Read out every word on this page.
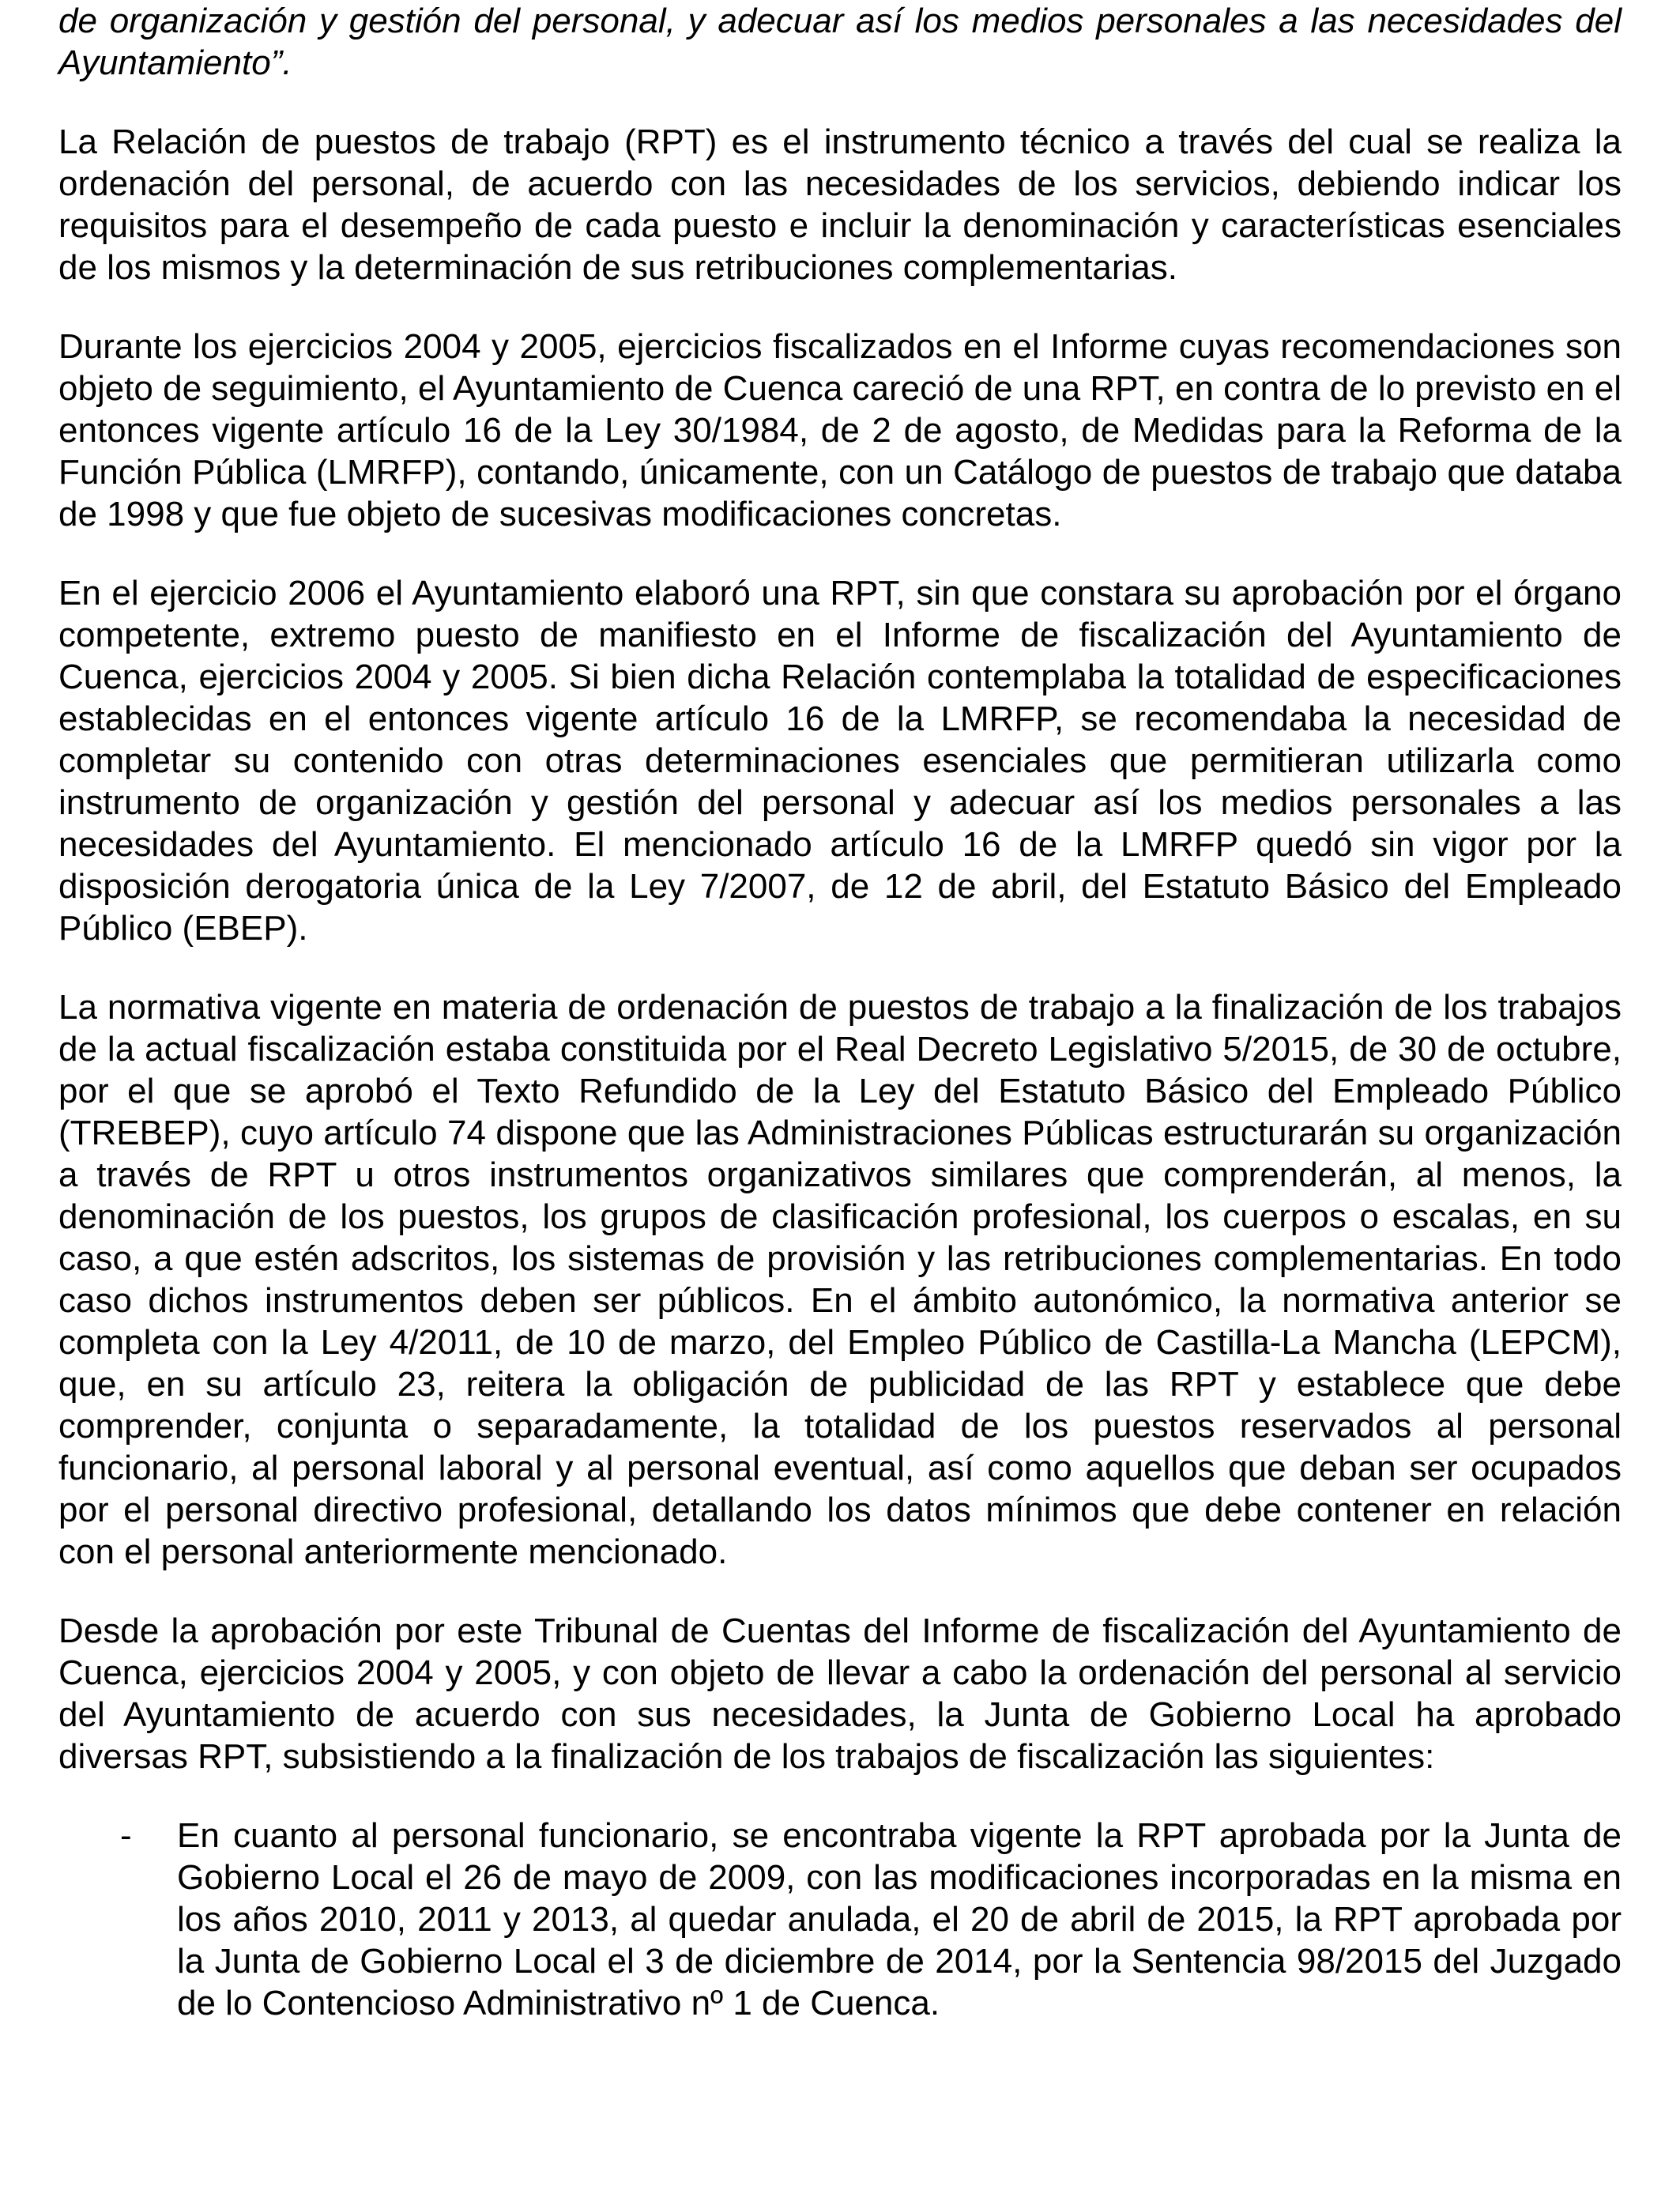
de organización y gestión del personal, y adecuar así los medios personales a las necesidades del Ayuntamiento”.

La Relación de puestos de trabajo (RPT) es el instrumento técnico a través del cual se realiza la ordenación del personal, de acuerdo con las necesidades de los servicios, debiendo indicar los requisitos para el desempeño de cada puesto e incluir la denominación y características esenciales de los mismos y la determinación de sus retribuciones complementarias.

Durante los ejercicios 2004 y 2005, ejercicios fiscalizados en el Informe cuyas recomendaciones son objeto de seguimiento, el Ayuntamiento de Cuenca careció de una RPT, en contra de lo previsto en el entonces vigente artículo 16 de la Ley 30/1984, de 2 de agosto, de Medidas para la Reforma de la Función Pública (LMRFP), contando, únicamente, con un Catálogo de puestos de trabajo que databa de 1998 y que fue objeto de sucesivas modificaciones concretas.

En el ejercicio 2006 el Ayuntamiento elaboró una RPT, sin que constara su aprobación por el órgano competente, extremo puesto de manifiesto en el Informe de fiscalización del Ayuntamiento de Cuenca, ejercicios 2004 y 2005. Si bien dicha Relación contemplaba la totalidad de especificaciones establecidas en el entonces vigente artículo 16 de la LMRFP, se recomendaba la necesidad de completar su contenido con otras determinaciones esenciales que permitieran utilizarla como instrumento de organización y gestión del personal y adecuar así los medios personales a las necesidades del Ayuntamiento. El mencionado artículo 16 de la LMRFP quedó sin vigor por la disposición derogatoria única de la Ley 7/2007, de 12 de abril, del Estatuto Básico del Empleado Público (EBEP).

La normativa vigente en materia de ordenación de puestos de trabajo a la finalización de los trabajos de la actual fiscalización estaba constituida por el Real Decreto Legislativo 5/2015, de 30 de octubre, por el que se aprobó el Texto Refundido de la Ley del Estatuto Básico del Empleado Público (TREBEP), cuyo artículo 74 dispone que las Administraciones Públicas estructurarán su organización a través de RPT u otros instrumentos organizativos similares que comprenderán, al menos, la denominación de los puestos, los grupos de clasificación profesional, los cuerpos o escalas, en su caso, a que estén adscritos, los sistemas de provisión y las retribuciones complementarias. En todo caso dichos instrumentos deben ser públicos. En el ámbito autonómico, la normativa anterior se completa con la Ley 4/2011, de 10 de marzo, del Empleo Público de Castilla-La Mancha (LEPCM), que, en su artículo 23, reitera la obligación de publicidad de las RPT y establece que debe comprender, conjunta o separadamente, la totalidad de los puestos reservados al personal funcionario, al personal laboral y al personal eventual, así como aquellos que deban ser ocupados por el personal directivo profesional, detallando los datos mínimos que debe contener en relación con el personal anteriormente mencionado.

Desde la aprobación por este Tribunal de Cuentas del Informe de fiscalización del Ayuntamiento de Cuenca, ejercicios 2004 y 2005, y con objeto de llevar a cabo la ordenación del personal al servicio del Ayuntamiento de acuerdo con sus necesidades, la Junta de Gobierno Local ha aprobado diversas RPT, subsistiendo a la finalización de los trabajos de fiscalización las siguientes:

- En cuanto al personal funcionario, se encontraba vigente la RPT aprobada por la Junta de Gobierno Local el 26 de mayo de 2009, con las modificaciones incorporadas en la misma en los años 2010, 2011 y 2013, al quedar anulada, el 20 de abril de 2015, la RPT aprobada por la Junta de Gobierno Local el 3 de diciembre de 2014, por la Sentencia 98/2015 del Juzgado de lo Contencioso Administrativo nº 1 de Cuenca.
